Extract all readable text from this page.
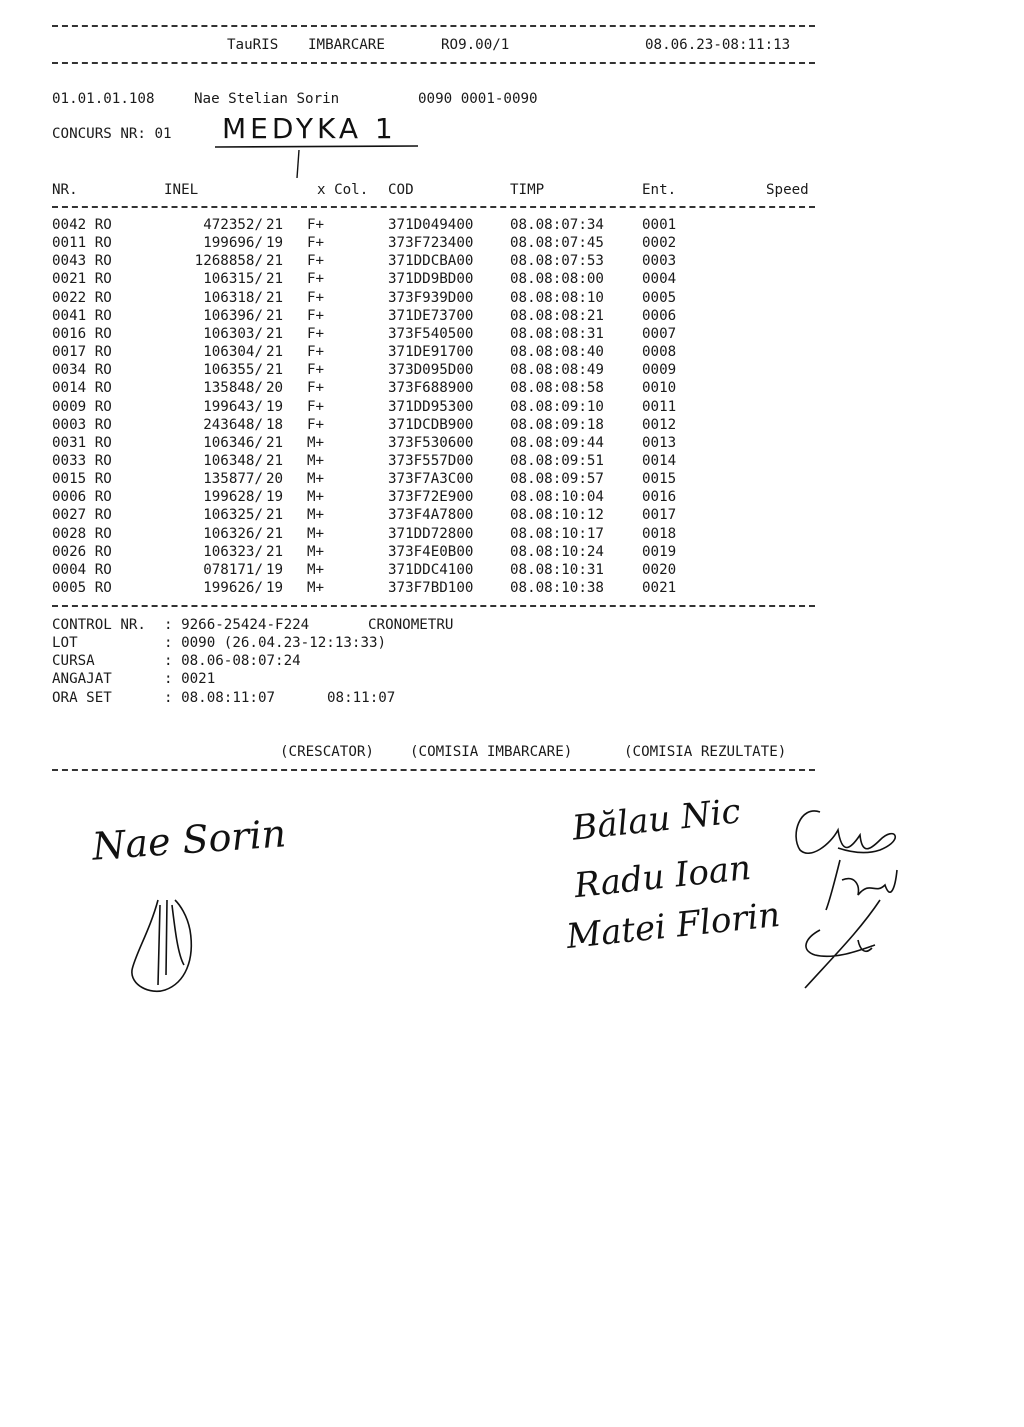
TauRIS IMBARCARE	RO9.00/1	08.06.23-08:11:13
01.01.01.108	Nae Stelian Sorin	0090 0001-0090
CONCURS NR: 01 MEDYKA 1
NR.	INEL	x Col. COD	TIMP	Ent.	Speed
0042 RO	472352/ 21 F+	371D049400	08.08:07:34	0001
0011 RO	199696/ 19 F+	373F723400	08.08:07:45	0002
0043 RO	1268858/ 21 F+	371DDCBA00	08.08:07:53	0003
0021 RO	106315/ 21 F+	371DD9BD00	08.08:08:00	0004
0022 RO	106318/ 21 F+	373F939D00	08.08:08:10	0005
0041 RO	106396/ 21 F+	371DE73700	08.08:08:21	0006
0016 RO	106303/ 21 F+	373F540500	08.08:08:31	0007
0017 RO	106304/ 21 F+	371DE91700	08.08:08:40	0008
0034 RO	106355/ 21 F+	373D095D00	08.08:08:49	0009
0014 RO	135848/ 20 F+	373F688900	08.08:08:58	0010
0009 RO	199643/ 19 F+	371DD95300	08.08:09:10	0011
0003 RO	243648/ 18 F+	371DCDB900	08.08:09:18	0012
0031 RO	106346/ 21 M+	373F530600	08.08:09:44	0013
0033 RO	106348/ 21 M+	373F557D00	08.08:09:51	0014
0015 RO	135877/ 20 M+	373F7A3C00	08.08:09:57	0015
0006 RO	199628/ 19 M+	373F72E900	08.08:10:04	0016
0027 RO	106325/ 21 M+	373F4A7800	08.08:10:12	0017
0028 RO	106326/ 21 M+	371DD72800	08.08:10:17	0018
0026 RO	106323/ 21 M+	373F4E0B00	08.08:10:24	0019
0004 RO	078171/ 19 M+	371DDC4100	08.08:10:31	0020
0005 RO	199626/ 19 M+	373F7BD100	08.08:10:38	0021
CONTROL NR. : 9266-25424-F224	CRONOMETRU
LOT	: 0090 (26.04.23-12:13:33)
CURSA	: 08.06-08:07:24
ANGAJAT	: 0021
ORA SET	: 08.08:11:07	08:11:07
(CRESCATOR)	(COMISIA IMBARCARE)	(COMISIA REZULTATE)
Nae Sorin	Bălau Nic
Radu Ioan
Matei Florin
